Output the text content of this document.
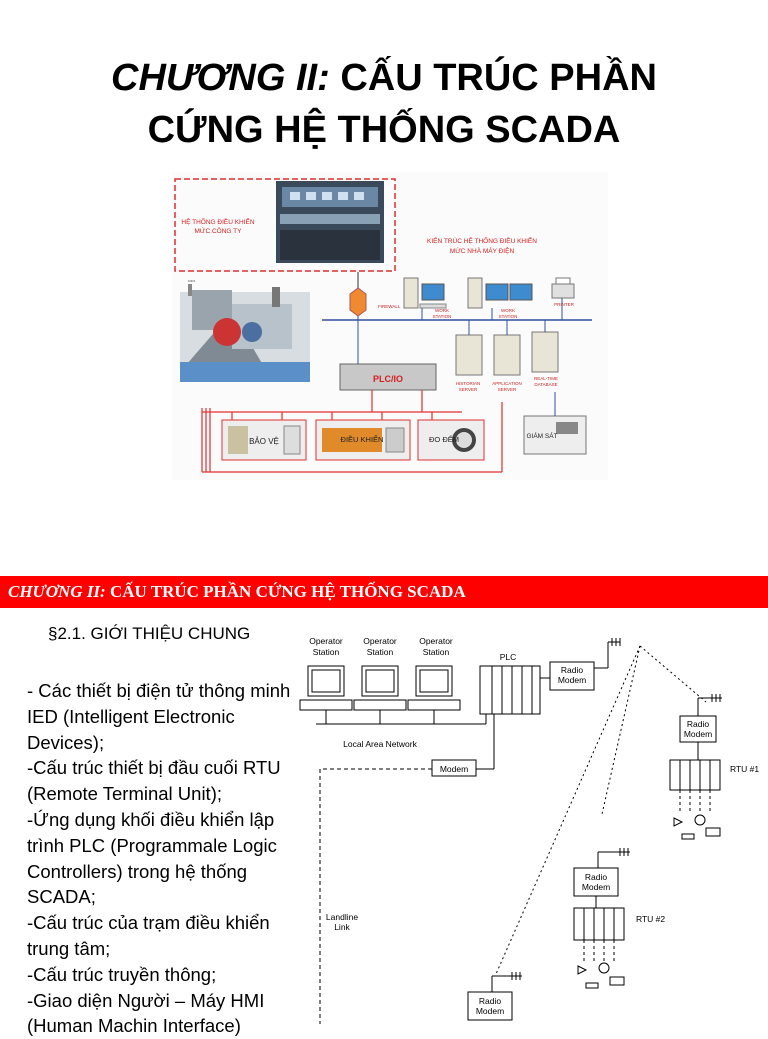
CHƯƠNG II: CẤU TRÚC PHẦN
CỨNG HỆ THỐNG SCADA
HỆ THỐNG ĐIỀU KHIỂN
MỨC CÔNG TY
KIẾN TRÚC HỆ THỐNG ĐIỀU KHIỂN
MỨC NHÀ MÁY ĐIỆN
•••••
FIREWALL
WORK
STATION
WORK
STATION
PRINTER
HISTORIAN
SERVER
APPLICATION
SERVER
REAL-TIME
DATABASE
PLC/IO
BẢO VỆ	ĐIỀU KHIỂN	ĐO ĐẾM	GIÁM SÁT
CHƯƠNG II: CẤU TRÚC PHẦN CỨNG HỆ THỐNG SCADA
§2.1. GIỚI THIỆU CHUNG
- Các thiết bị điện tử thông minh IED (Intelligent Electronic Devices);
-Cấu trúc thiết bị đầu cuối RTU (Remote Terminal Unit);
-Ứng dụng khối điều khiển lập trình PLC (Programmale Logic Controllers) trong hệ thống SCADA;
-Cấu trúc của trạm điều khiển trung tâm;
-Cấu trúc truyền thông;
-Giao diện Người – Máy HMI (Human Machin Interface)
Operator
Station
Operator
Station
Operator
Station	PLC
Radio
Modem
Local Area Network
Modem
Radio
Modem
RTU #1
Radio
Modem
RTU #2
Landline
Link
Radio
Modem
